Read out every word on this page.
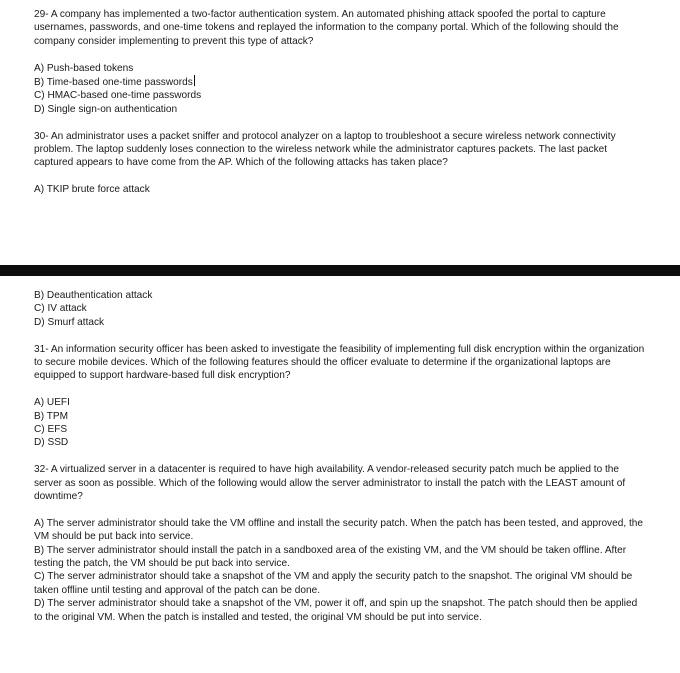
29- A company has implemented a two-factor authentication system. An automated phishing attack spoofed the portal to capture usernames, passwords, and one-time tokens and replayed the information to the company portal. Which of the following should the company consider implementing to prevent this type of attack?

A) Push-based tokens
B) Time-based one-time passwords
C) HMAC-based one-time passwords
D) Single sign-on authentication

30- An administrator uses a packet sniffer and protocol analyzer on a laptop to troubleshoot a secure wireless network connectivity problem. The laptop suddenly loses connection to the wireless network while the administrator captures packets. The last packet captured appears to have come from the AP. Which of the following attacks has taken place?

A) TKIP brute force attack
B) Deauthentication attack
C) IV attack
D) Smurf attack

31- An information security officer has been asked to investigate the feasibility of implementing full disk encryption within the organization to secure mobile devices. Which of the following features should the officer evaluate to determine if the organizational laptops are equipped to support hardware-based full disk encryption?

A) UEFI
B) TPM
C) EFS
D) SSD

32- A virtualized server in a datacenter is required to have high availability. A vendor-released security patch much be applied to the server as soon as possible. Which of the following would allow the server administrator to install the patch with the LEAST amount of downtime?

A) The server administrator should take the VM offline and install the security patch. When the patch has been tested, and approved, the VM should be put back into service.
B) The server administrator should install the patch in a sandboxed area of the existing VM, and the VM should be taken offline. After testing the patch, the VM should be put back into service.
C) The server administrator should take a snapshot of the VM and apply the security patch to the snapshot. The original VM should be taken offline until testing and approval of the patch can be done.
D) The server administrator should take a snapshot of the VM, power it off, and spin up the snapshot. The patch should then be applied to the original VM. When the patch is installed and tested, the original VM should be put into service.
